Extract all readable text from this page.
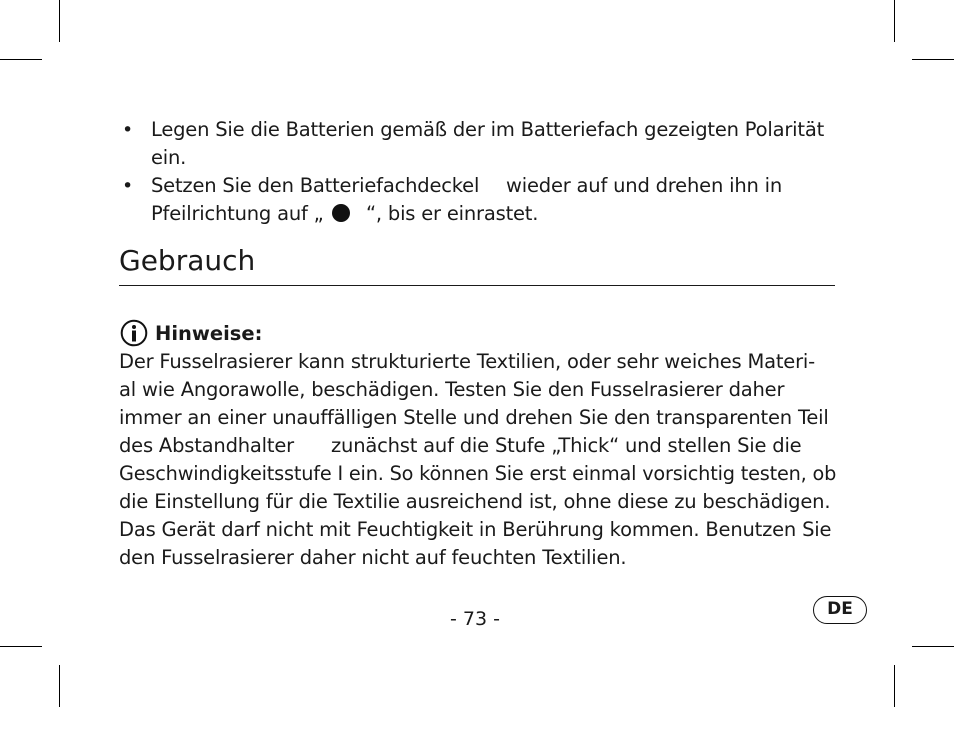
• Legen Sie die Batterien gemäß der im Batteriefach gezeigten Polarität
ein.
• Setzen Sie den Batteriefachdeckel wieder auf und drehen ihn in
Pfeilrichtung auf „ “, bis er einrastet.
Gebrauch
Hinweise:
Der Fusselrasierer kann strukturierte Textilien, oder sehr weiches Materi-
al wie Angorawolle, beschädigen. Testen Sie den Fusselrasierer daher
immer an einer unauffälligen Stelle und drehen Sie den transparenten Teil
des Abstandhalter zunächst auf die Stufe „Thick“ und stellen Sie die
Geschwindigkeitsstufe I ein. So können Sie erst einmal vorsichtig testen, ob
die Einstellung für die Textilie ausreichend ist, ohne diese zu beschädigen.
Das Gerät darf nicht mit Feuchtigkeit in Berührung kommen. Benutzen Sie
den Fusselrasierer daher nicht auf feuchten Textilien.
- 73 -	DE
